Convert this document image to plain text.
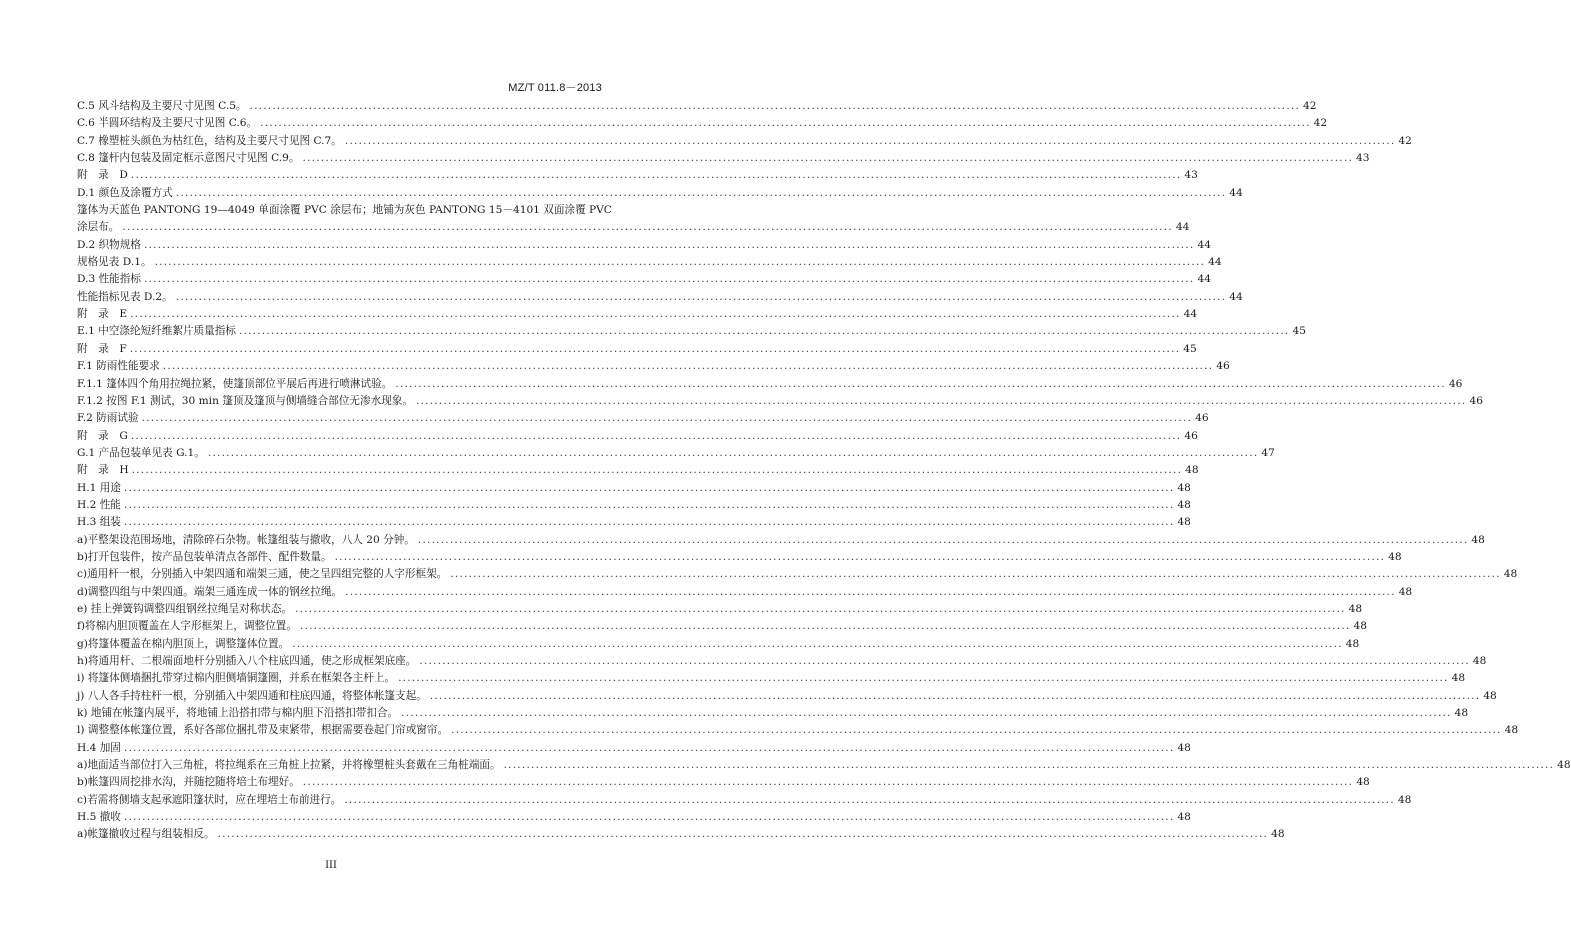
MZ/T 011.8－2013
C.5 风斗结构及主要尺寸见图 C.5。 .....	42
C.6 半圆环结构及主要尺寸见图 C.6。 .....	42
C.7 橡塑桩头颜色为枯红色，结构及主要尺寸见图 C.7。 .....	42
C.8 篷杆内包装及固定框示意图尺寸见图 C.9。 .....	43
附　录　D .....	43
D.1 颜色及涂覆方式 .....	44
篷体为天蓝色 PANTONG 19—4049 单面涂覆 PVC 涂层布；地铺为灰色 PANTONG 15－4101 双面涂覆 PVC
涂层布。 .....	44
D.2 织物规格 .....	44
规格见表 D.1。 .....	44
D.3 性能指标 .....	44
性能指标见表 D.2。 .....	44
附　录　E .....	44
E.1 中空涤纶短纤维絮片质量指标 .....	45
附　录　F .....	45
F.1 防雨性能要求 .....	46
F.1.1 篷体四个角用拉绳拉紧，使篷顶部位平展后再进行喷淋试验。 .....	46
F.1.2 按图 F.1 测试，30 min 篷顶及篷顶与侧墙缝合部位无渗水现象。 .....	46
F.2 防雨试验 .....	46
附　录　G .....	46
G.1 产品包装单见表 G.1。 .....	47
附　录　H .....	48
H.1 用途 .....	48
H.2 性能 .....	48
H.3 组装 .....	48
a)平整架设范围场地，清除碎石杂物。帐篷组装与撤收，八人 20 分钟。 .....	48
b)打开包装件，按产品包装单清点各部件、配件数量。 .....	48
c)通用杆一根，分别插入中架四通和端架三通，使之呈四组完整的人字形框架。 .....	48
d)调整四组与中架四通。端架三通连成一体的钢丝拉绳。 .....	48
e) 挂上弹簧钩调整四组钢丝拉绳呈对称状态。 .....	48
f)将棉内胆顶覆盖在人字形框架上，调整位置。 .....	48
g)将篷体覆盖在棉内胆顶上，调整篷体位置。 .....	48
h)将通用杆、二根端面地杆分别插入八个柱底四通，使之形成框架底座。 .....	48
i) 将篷体侧墙捆扎带穿过棉内胆侧墙铜篷圈，并系在框架各主杆上。 .....	48
j) 八人各手持柱杆一根，分别插入中架四通和柱底四通，将整体帐篷支起。 .....	48
k) 地铺在帐篷内展平，将地铺上沿搭扣带与棉内胆下沿搭扣带扣合。 .....	48
l) 调整整体帐篷位置，系好各部位捆扎带及束紧带，根据需要卷起门帘或窗帘。 .....	48
H.4 加固 .....	48
a)地面适当部位打入三角桩，将拉绳系在三角桩上拉紧，并将橡塑桩头套戴在三角桩端面。 .....	48
b)帐篷四周挖排水沟，并随挖随将培土布埋好。 .....	48
c)若需将侧墙支起承遮阳篷状时，应在埋培土布前进行。 .....	48
H.5 撤收 .....	48
a)帐篷撤收过程与组装相反。 .....	48
III
